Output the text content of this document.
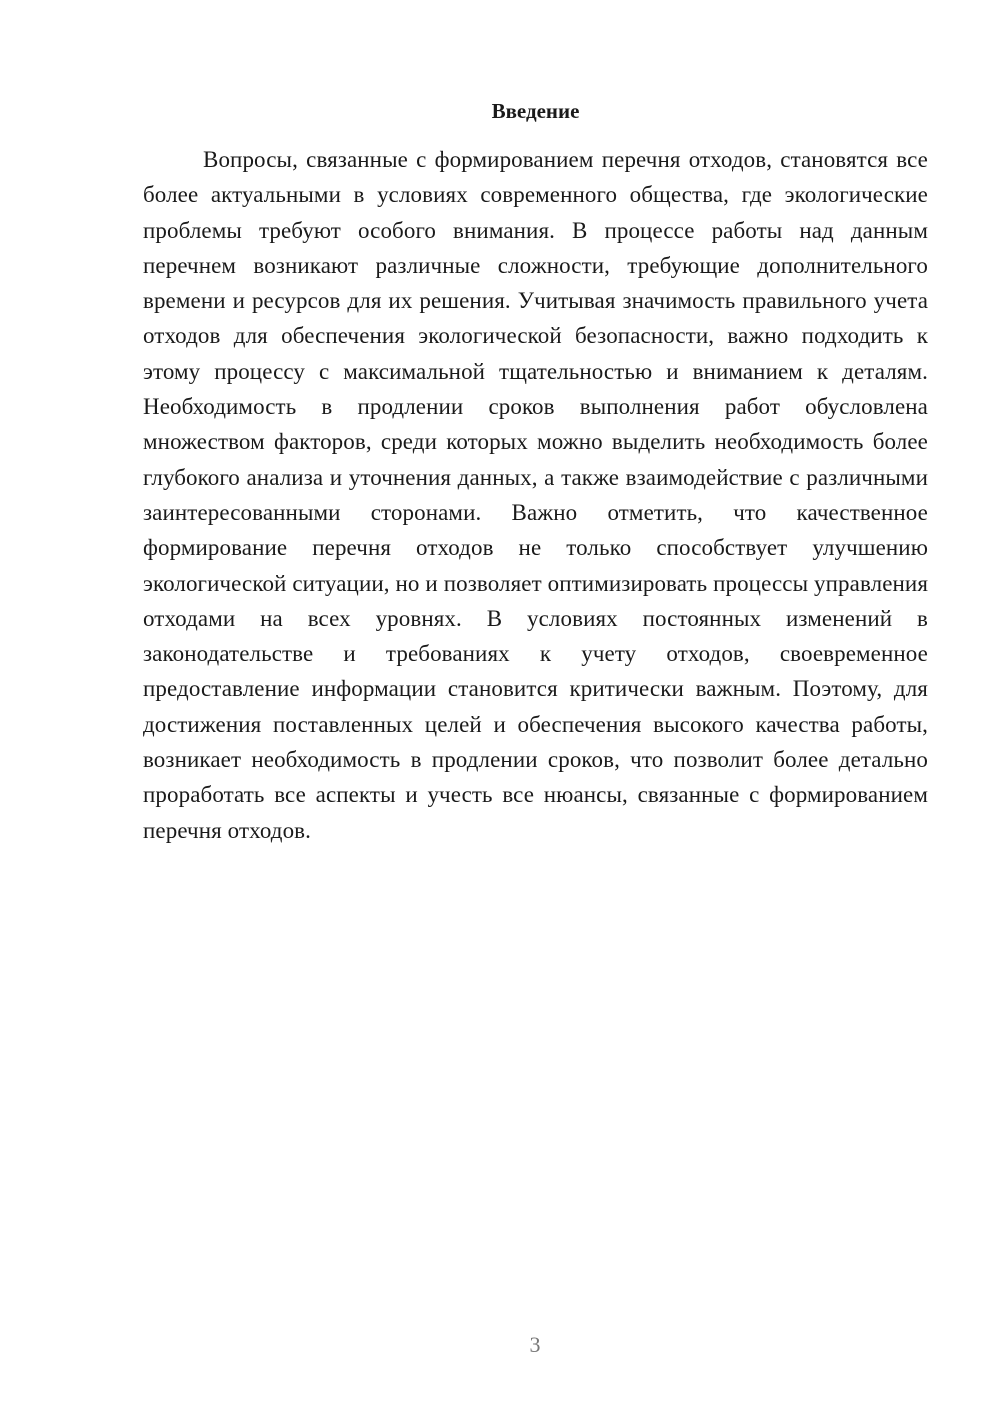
Введение

Вопросы, связанные с формированием перечня отходов, становятся все более актуальными в условиях современного общества, где экологические проблемы требуют особого внимания. В процессе работы над данным перечнем возникают различные сложности, требующие дополнительного времени и ресурсов для их решения. Учитывая значимость правильного учета отходов для обеспечения экологической безопасности, важно подходить к этому процессу с максимальной тщательностью и вниманием к деталям. Необходимость в продлении сроков выполнения работ обусловлена множеством факторов, среди которых можно выделить необходимость более глубокого анализа и уточнения данных, а также взаимодействие с различными заинтересованными сторонами. Важно отметить, что качественное формирование перечня отходов не только способствует улучшению экологической ситуации, но и позволяет оптимизировать процессы управления отходами на всех уровнях. В условиях постоянных изменений в законодательстве и требованиях к учету отходов, своевременное предоставление информации становится критически важным. Поэтому, для достижения поставленных целей и обеспечения высокого качества работы, возникает необходимость в продлении сроков, что позволит более детально проработать все аспекты и учесть все нюансы, связанные с формированием перечня отходов.

3
